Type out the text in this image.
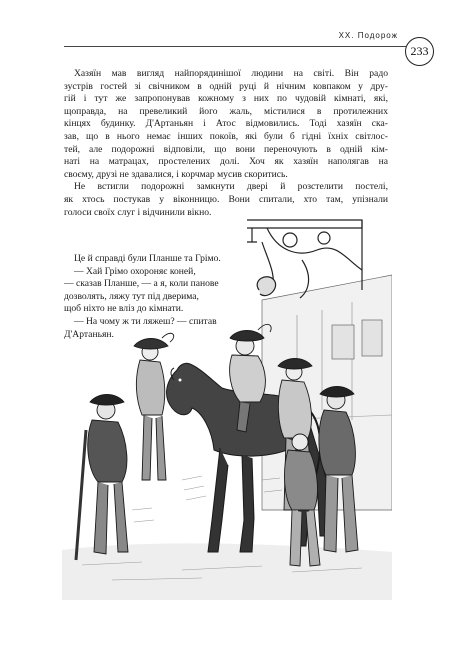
XX. Подорож
233
Хазяїн мав вигляд найпорядинішої людини на світі. Він радо
зустрів гостей зі свічником в одній руці й нічним ковпаком у дру-
гій і тут же запропонував кожному з них по чудовій кімнаті, які,
щоправда, на превеликий його жаль, містилися в протилежних
кінцях будинку. Д'Артаньян і Атос відмовились. Тоді хазяїн ска-
зав, що в нього немає інших покоїв, які були б гідні їхніх світлос-
тей, але подорожні відповіли, що вони переночують в одній кім-
наті на матрацах, простелених долі. Хоч як хазяїн наполягав на
своєму, друзі не здавалися, і корчмар мусив скоритись.
Не встигли подорожні замкнути двері й розстелити постелі,
як хтось постукав у віконницю. Вони спитали, хто там, упізнали
голоси своїх слуг і відчинили вікно.
Це й справді були Планше та Грімо.
— Хай Грімо охороняє коней,
— сказав Планше, — а я, коли панове
дозволять, ляжу тут під дверима,
щоб ніхто не вліз до кімнати.
— На чому ж ти ляжеш? — спитав
Д'Артаньян.
